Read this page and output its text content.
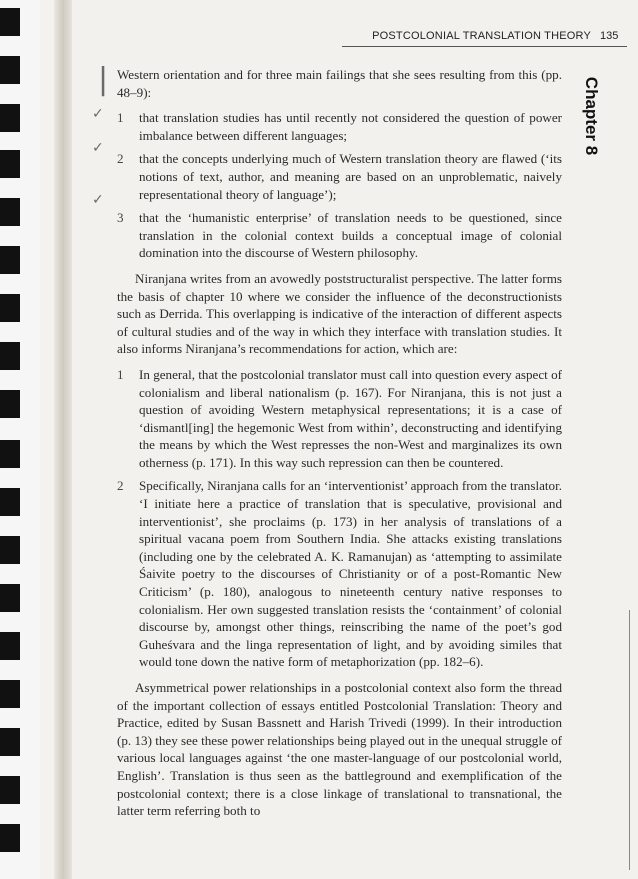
POSTCOLONIAL TRANSLATION THEORY 135
Chapter 8

Western orientation and for three main failings that she sees resulting from this (pp. 48–9):

1	that translation studies has until recently not considered the question of power imbalance between different languages;
2	that the concepts underlying much of Western translation theory are flawed (‘its notions of text, author, and meaning are based on an unproblematic, naively representational theory of language’);
3	that the ‘humanistic enterprise’ of translation needs to be questioned, since translation in the colonial context builds a conceptual image of colonial domination into the discourse of Western philosophy.

Niranjana writes from an avowedly poststructuralist perspective. The latter forms the basis of chapter 10 where we consider the influence of the deconstructionists such as Derrida. This overlapping is indicative of the interaction of different aspects of cultural studies and of the way in which they interface with translation studies. It also informs Niranjana’s recommendations for action, which are:

1	In general, that the postcolonial translator must call into question every aspect of colonialism and liberal nationalism (p. 167). For Niranjana, this is not just a question of avoiding Western metaphysical representations; it is a case of ‘dismantl[ing] the hegemonic West from within’, deconstructing and identifying the means by which the West represses the non-West and marginalizes its own otherness (p. 171). In this way such repression can then be countered.
2	Specifically, Niranjana calls for an ‘interventionist’ approach from the translator. ‘I initiate here a practice of translation that is speculative, provisional and interventionist’, she proclaims (p. 173) in her analysis of translations of a spiritual vacana poem from Southern India. She attacks existing translations (including one by the celebrated A. K. Ramanujan) as ‘attempting to assimilate Śaivite poetry to the discourses of Christianity or of a post-Romantic New Criticism’ (p. 180), analogous to nineteenth century native responses to colonialism. Her own suggested translation resists the ‘containment’ of colonial discourse by, amongst other things, reinscribing the name of the poet’s god Guheśvara and the linga representation of light, and by avoiding similes that would tone down the native form of metaphorization (pp. 182–6).

Asymmetrical power relationships in a postcolonial context also form the thread of the important collection of essays entitled Postcolonial Translation: Theory and Practice, edited by Susan Bassnett and Harish Trivedi (1999). In their introduction (p. 13) they see these power relationships being played out in the unequal struggle of various local languages against ‘the one master-language of our postcolonial world, English’. Translation is thus seen as the battleground and exemplification of the postcolonial context; there is a close linkage of translational to transnational, the latter term referring both to

|
✓
✓
✓
